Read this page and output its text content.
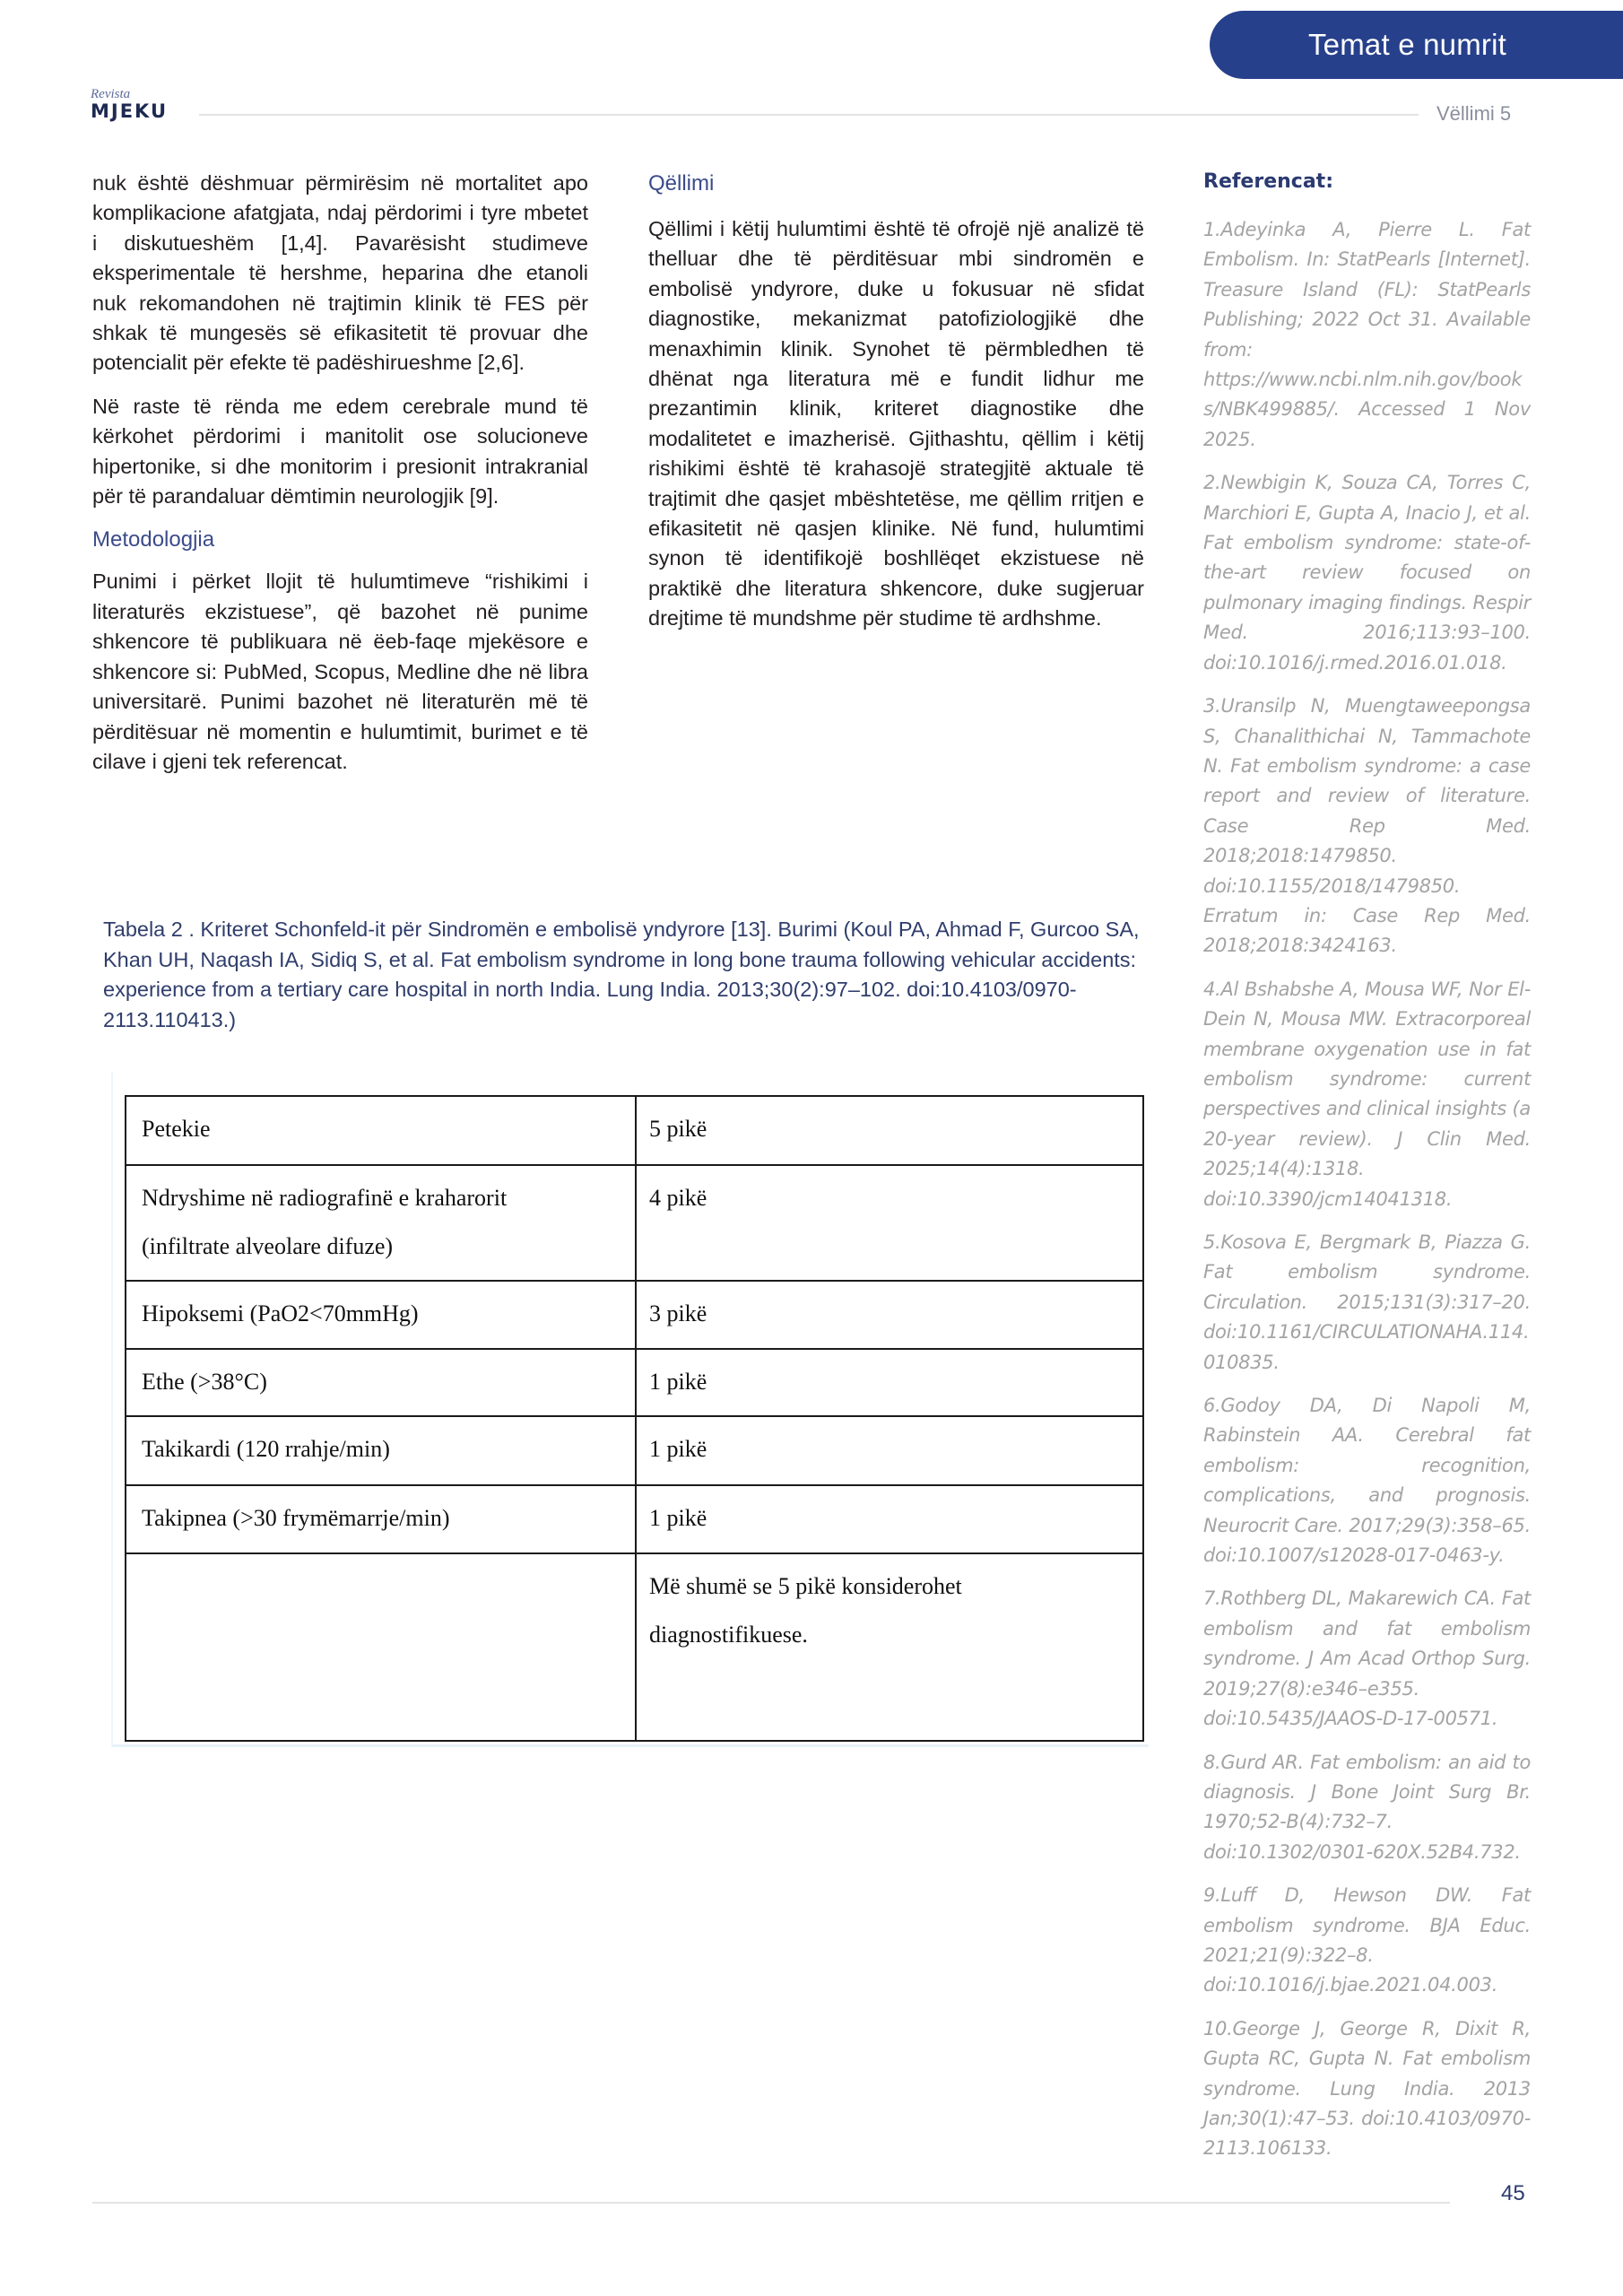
Temat e numrit
Revista
MJEKU	Vëllimi 5

nuk është dëshmuar përmirësim në mortalitet apo komplikacione afatgjata, ndaj përdorimi i tyre mbetet i diskutueshëm [1,4]. Pavarësisht studimeve eksperimentale të hershme, heparina dhe etanoli nuk rekomandohen në trajtimin klinik të FES për shkak të mungesës së efikasitetit të provuar dhe potencialit për efekte të padëshirueshme [2,6].

Në raste të rënda me edem cerebrale mund të kërkohet përdorimi i manitolit ose solucioneve hipertonike, si dhe monitorim i presionit intrakranial për të parandaluar dëmtimin neurologjik [9].

Metodologjia

Punimi i përket llojit të hulumtimeve “rishikimi i literaturës ekzistuese”, që bazohet në punime shkencore të publikuara në ëeb-faqe mjekësore e shkencore si: PubMed, Scopus, Medline dhe në libra universitarë. Punimi bazohet në literaturën më të përditësuar në momentin e hulumtimit, burimet e të cilave i gjeni tek referencat.

Qëllimi

Qëllimi i këtij hulumtimi është të ofrojë një analizë të thelluar dhe të përditësuar mbi sindromën e embolisë yndyrore, duke u fokusuar në sfidat diagnostike, mekanizmat patofiziologjikë dhe menaxhimin klinik. Synohet të përmbledhen të dhënat nga literatura më e fundit lidhur me prezantimin klinik, kriteret diagnostike dhe modalitetet e imazherisë. Gjithashtu, qëllim i këtij rishikimi është të krahasojë strategjitë aktuale të trajtimit dhe qasjet mbështetëse, me qëllim rritjen e efikasitetit në qasjen klinike. Në fund, hulumtimi synon të identifikojë boshllëqet ekzistuese në praktikë dhe literatura shkencore, duke sugjeruar drejtime të mundshme për studime të ardhshme.

Referencat:

1.Adeyinka A, Pierre L. Fat Embolism. In: StatPearls [Internet]. Treasure Island (FL): StatPearls Publishing; 2022 Oct 31. Available from: https://www.ncbi.nlm.nih.gov/books/NBK499885/. Accessed 1 Nov 2025.

2.Newbigin K, Souza CA, Torres C, Marchiori E, Gupta A, Inacio J, et al. Fat embolism syndrome: state-of-the-art review focused on pulmonary imaging findings. Respir Med. 2016;113:93–100. doi:10.1016/j.rmed.2016.01.018.

3.Uransilp N, Muengtaweepongsa S, Chanalithichai N, Tammachote N. Fat embolism syndrome: a case report and review of literature. Case Rep Med. 2018;2018:1479850. doi:10.1155/2018/1479850. Erratum in: Case Rep Med. 2018;2018:3424163.

4.Al Bshabshe A, Mousa WF, Nor El-Dein N, Mousa MW. Extracorporeal membrane oxygenation use in fat embolism syndrome: current perspectives and clinical insights (a 20-year review). J Clin Med. 2025;14(4):1318. doi:10.3390/jcm14041318.

5.Kosova E, Bergmark B, Piazza G. Fat embolism syndrome. Circulation. 2015;131(3):317–20. doi:10.1161/CIRCULATIONAHA.114.010835.

6.Godoy DA, Di Napoli M, Rabinstein AA. Cerebral fat embolism: recognition, complications, and prognosis. Neurocrit Care. 2017;29(3):358–65. doi:10.1007/s12028-017-0463-y.

7.Rothberg DL, Makarewich CA. Fat embolism and fat embolism syndrome. J Am Acad Orthop Surg. 2019;27(8):e346–e355. doi:10.5435/JAAOS-D-17-00571.

8.Gurd AR. Fat embolism: an aid to diagnosis. J Bone Joint Surg Br. 1970;52-B(4):732–7. doi:10.1302/0301-620X.52B4.732.

9.Luff D, Hewson DW. Fat embolism syndrome. BJA Educ. 2021;21(9):322–8. doi:10.1016/j.bjae.2021.04.003.

10.George J, George R, Dixit R, Gupta RC, Gupta N. Fat embolism syndrome. Lung India. 2013 Jan;30(1):47–53. doi:10.4103/0970-2113.106133.

Tabela 2 . Kriteret Schonfeld-it për Sindromën e embolisë yndyrore [13]. Burimi (Koul PA, Ahmad F, Gurcoo SA, Khan UH, Naqash IA, Sidiq S, et al. Fat embolism syndrome in long bone trauma following vehicular accidents: experience from a tertiary care hospital in north India. Lung India. 2013;30(2):97–102. doi:10.4103/0970-2113.110413.)
Petekie	5 pikë

Ndryshime në radiografinë e kraharorit
(infiltrate alveolare difuze)	4 pikë
Hipoksemi (PaO2<70mmHg)	3 pikë
Ethe (>38°C)	1 pikë
Takikardi (120 rrahje/min)	1 pikë
Takipnea (>30 frymëmarrje/min)	1 pikë

	Më shumë se 5 pikë konsiderohet
diagnostifikuese.
45
